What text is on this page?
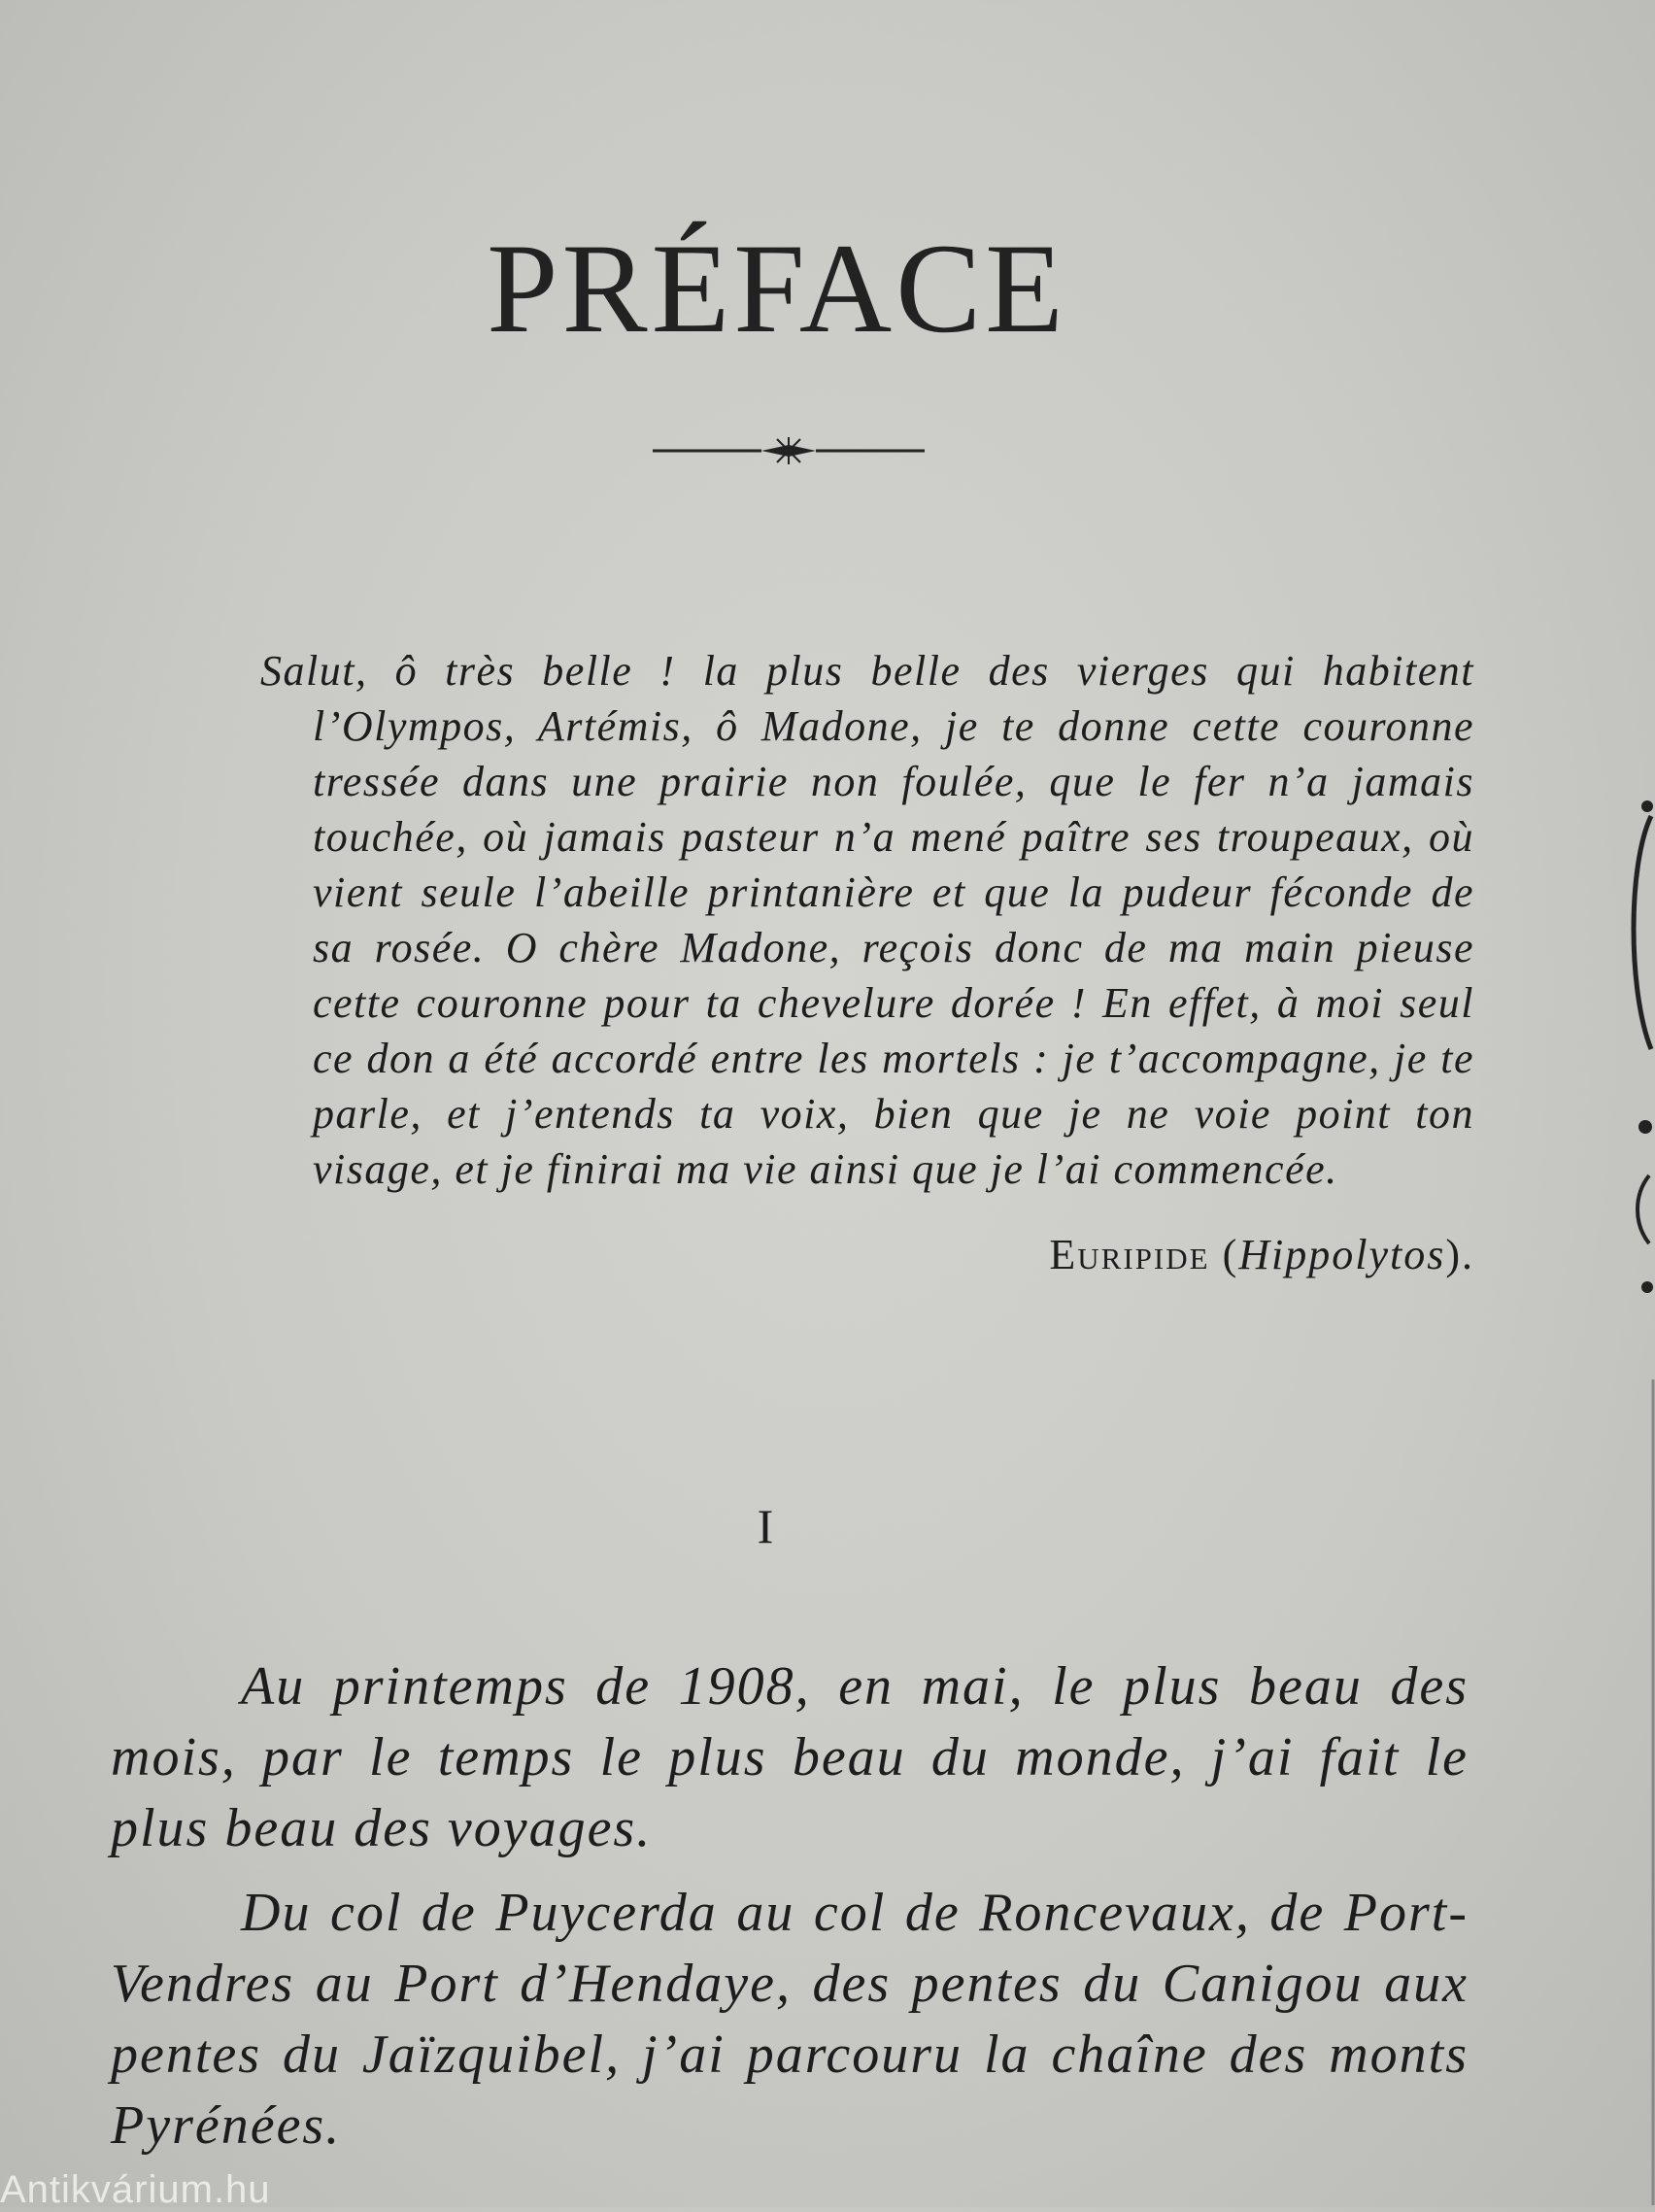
PRÉFACE

Salut, ô très belle ! la plus belle des vierges qui habitent l’Olympos, Artémis, ô Madone, je te donne cette couronne tressée dans une prairie non foulée, que le fer n’a jamais touchée, où jamais pasteur n’a mené paître ses troupeaux, où vient seule l’abeille printanière et que la pudeur féconde de sa rosée. O chère Madone, reçois donc de ma main pieuse cette couronne pour ta chevelure dorée ! En effet, à moi seul ce don a été accordé entre les mortels : je t’accompagne, je te parle, et j’entends ta voix, bien que je ne voie point ton visage, et je finirai ma vie ainsi que je l’ai commencée.

Euripide (Hippolytos).
I

Au printemps de 1908, en mai, le plus beau des mois, par le temps le plus beau du monde, j’ai fait le plus beau des voyages.

Du col de Puycerda au col de Roncevaux, de Port-Vendres au Port d’Hendaye, des pentes du Canigou aux pentes du Jaïzquibel, j’ai parcouru la chaîne des monts Pyrénées.

Antikvárium.hu
